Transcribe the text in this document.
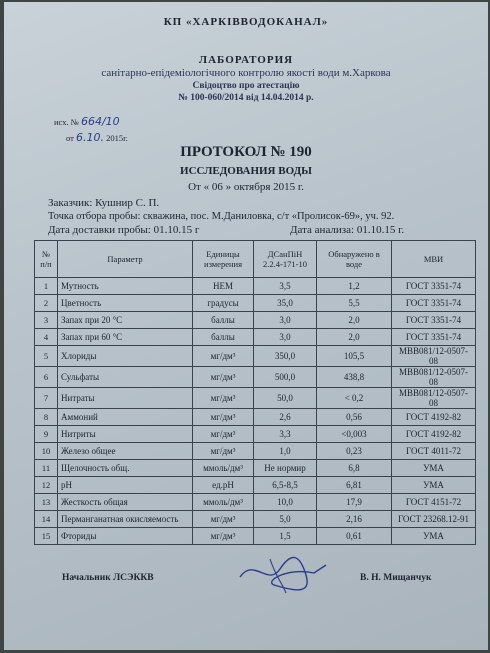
КП «ХАРКІВВОДОКАНАЛ»
ЛАБОРАТОРИЯ
санітарно-епідеміологічного контролю якості води м.Харкова
Свідоцтво про атестацію
№ 100-060/2014 від 14.04.2014 р.
исх. № 664/10
от 6.10. 2015г.
ПРОТОКОЛ № 190
ИССЛЕДОВАНИЯ ВОДЫ
От « 06 » октября 2015 г.
Заказчик: Кушнир С. П.
Точка отбора пробы: скважина, пос. М.Даниловка, с/т «Пролисок-69», уч. 92.
Дата доставки пробы: 01.10.15 г	Дата анализа: 01.10.15 г.
№ п/п	Параметр	Единицы измерения	ДСанПіН 2.2.4-171-10	Обнаружено в воде	МВИ
1	Мутность	НЕМ	3,5	1,2	ГОСТ 3351-74
2	Цветность	градусы	35,0	5,5	ГОСТ 3351-74
3	Запах при 20 °С	баллы	3,0	2,0	ГОСТ 3351-74
4	Запах при 60 °С	баллы	3,0	2,0	ГОСТ 3351-74
5	Хлориды	мг/дм³	350,0	105,5	МВВ081/12-0507-08
6	Сульфаты	мг/дм³	500,0	438,8	МВВ081/12-0507-08
7	Нитраты	мг/дм³	50,0	< 0,2	МВВ081/12-0507-08
8	Аммоний	мг/дм³	2,6	0,56	ГОСТ 4192-82
9	Нитриты	мг/дм³	3,3	<0,003	ГОСТ 4192-82
10	Железо общее	мг/дм³	1,0	0,23	ГОСТ 4011-72
11	Щелочность общ.	ммоль/дм³	Не нормир	6,8	УМА
12	рН	ед.рН	6,5-8,5	6,81	УМА
13	Жесткость общая	ммоль/дм³	10,0	17,9	ГОСТ 4151-72
14	Перманганатная окисляемость	мг/дм³	5,0	2,16	ГОСТ 23268.12-91
15	Фториды	мг/дм³	1,5	0,61	УМА
Начальник ЛСЭККВ	В. Н. Мищанчук
